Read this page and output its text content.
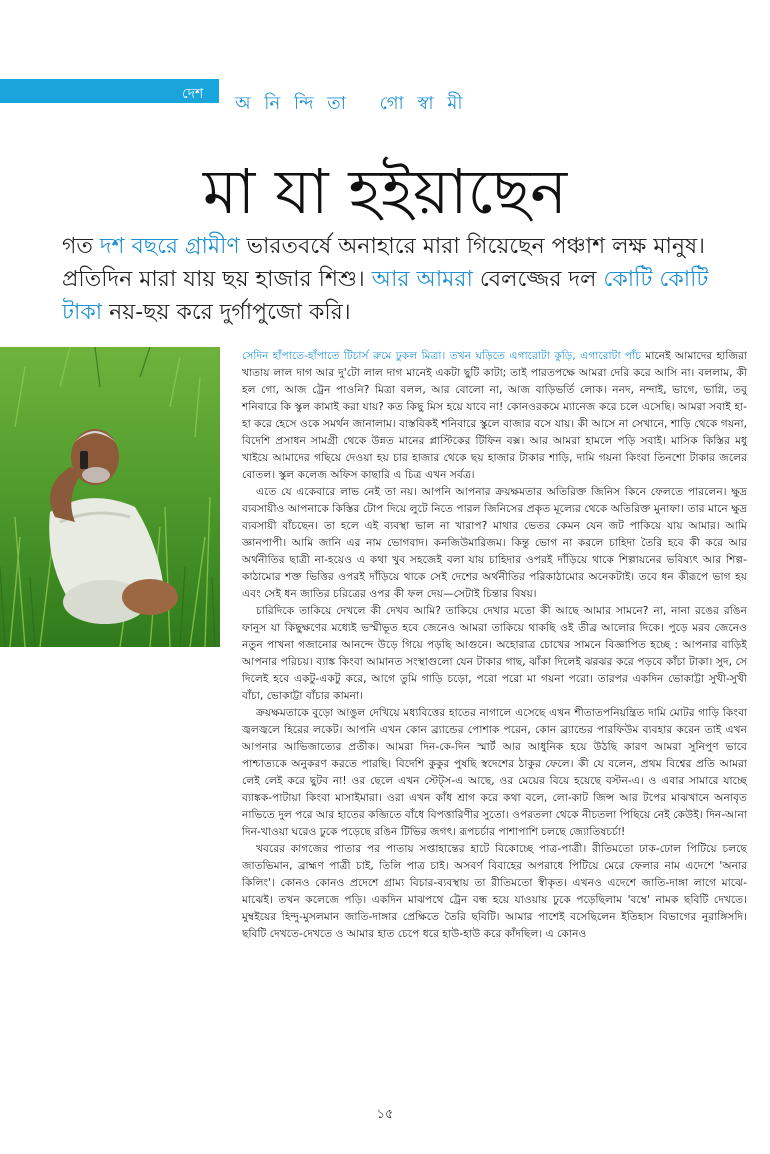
দেশ অ নি ন্দি তা গো স্বা মী
মা যা হইয়াছেন
গত দশ বছরে গ্রামীণ ভারতবর্ষে অনাহারে মারা গিয়েছেন পঞ্চাশ লক্ষ মানুষ। প্রতিদিন মারা যায় ছয় হাজার শিশু। আর আমরা বেলজ্জের দল কোটি কোটি টাকা নয়-ছয় করে দুর্গাপুজো করি।

সেদিন হাঁপাতে-হাঁপাতে টিচার্স রুমে ঢুকল মিত্রা। তখন ঘড়িতে এগারোটা কুড়ি, এগারোটা পাঁচ মানেই আমাদের হাজিরা খাতায় লাল দাগ আর দু'টো লাল দাগ মানেই একটা ছুটি কাটা; তাই পারতপক্ষে আমরা দেরি করে আসি না। বললাম, কী হল গো, আজ ট্রেন পাওনি? মিত্রা বলল, আর বোলো না, আজ বাড়িভর্তি লোক। ননদ, নন্দাই, ভাগে, ভাগ্নি, তবু শনিবারে কি স্কুল কামাই করা যায়? কত কিছু মিস হয়ে যাবে না! কোনওরকমে ম্যানেজ করে চলে এসেছি। আমরা সবাই হা-হা করে হেসে ওকে সমর্থন জানালাম। বাস্তবিকই শনিবারে স্কুলে বাজার বসে যায়। কী আসে না সেখানে, শাড়ি থেকে গয়না, বিদেশি প্রসাধন সামগ্রী থেকে উন্নত মানের প্লাস্টিকের টিফিন বক্স। আর আমরা হামলে পড়ি সবাই। মাসিক কিস্তির মধু খাইয়ে আমাদের গছিয়ে দেওয়া হয় চার হাজার থেকে ছয় হাজার টাকার শাড়ি, দামি গয়না কিংবা তিনশো টাকার জলের বোতল। স্কুল কলেজ অফিস কাছারি এ চিত্র এখন সর্বত্র।

এতে যে একেবারে লাভ নেই তা নয়। আপনি আপনার ক্রয়ক্ষমতার অতিরিক্ত জিনিস কিনে ফেলতে পারলেন। ক্ষুদ্র ব্যবসায়ীও আপনাকে কিস্তির টোপ দিয়ে লুটে নিতে পারল জিনিসের প্রকৃত মূল্যের থেকে অতিরিক্ত মুনাফা। তার মানে ক্ষুদ্র ব্যবসায়ী বাঁচছেন। তা হলে এই ব্যবস্থা ভাল না খারাপ? মাথার ভেতর কেমন যেন জট পাকিয়ে যায় আমার। আমি জ্ঞানপাপী। আমি জানি এর নাম ভোগবাদ। কনজিউমারিজম। কিন্তু ভোগ না করলে চাহিদা তৈরি হবে কী করে আর অর্থনীতির ছাত্রী না-হয়েও এ কথা খুব সহজেই বলা যায় চাহিদার ওপরই দাঁড়িয়ে থাকে শিল্পায়নের ভবিষ্যৎ আর শিল্প-কাঠামোর শক্ত ভিত্তির ওপরই দাঁড়িয়ে থাকে সেই দেশের অর্থনীতির পরিকাঠামোর অনেকটাই। তবে ধন কীরূপে ভাগ হয় এবং সেই ধন জাতির চরিত্রের ওপর কী ফল দেয়—সেটাই চিন্তার বিষয়।

চারিদিকে তাকিয়ে দেখলে কী দেখব আমি? তাকিয়ে দেখার মতো কী আছে আমার সামনে? না, নানা রঙের রঙিন ফানুস যা কিছুক্ষণের মধ্যেই ভস্মীভূত হবে জেনেও আমরা তাকিয়ে থাকছি ওই তীব্র আলোর দিকে। পুড়ে মরব জেনেও নতুন পাখনা গজানোর আনন্দে উড়ে গিয়ে পড়ছি আগুনে। অহোরাত্র চোখের সামনে বিজ্ঞাপিত হচ্ছে : আপনার বাড়িই আপনার পরিচয়। ব্যাঙ্ক কিংবা আমানত সংস্থাগুলো যেন টাকার গাছ, ঝাঁকা দিলেই ঝরঝর করে পড়বে কাঁচা টাকা। সুদ, সে দিলেই হবে একটু-একটু করে, আগে তুমি গাড়ি চড়ো, পরো পরো মা গয়না পরো। তারপর একদিন ভোকাট্টা সুখী-সুখী বাঁচা, ভোকাট্টা বাঁচার কামনা।

ক্রয়ক্ষমতাকে বুড়ো আঙুল দেখিয়ে মধ্যবিত্তের হাতের নাগালে এসেছে এখন শীতাতপনিয়ন্ত্রিত দামি মোটর গাড়ি কিংবা জ্বলজ্বলে হিরের লকেট। আপনি এখন কোন ব্র্যান্ডের পোশাক পরেন, কোন ব্র্যান্ডের পারফিউম ব্যবহার করেন তাই এখন আপনার আভিজাত্যের প্রতীক। আমরা দিন-কে-দিন স্মার্ট আর আধুনিক হয়ে উঠছি কারণ আমরা সুনিপুণ ভাবে পাশ্চাত্যকে অনুকরণ করতে পারছি। বিদেশি কুকুর পুষছি স্বদেশের ঠাকুর ফেলে। কী যে বলেন, প্রথম বিশ্বের প্রতি আমরা লেই লেই করে ছুটব না! ওর ছেলে এখন স্টেট্স-এ আছে, ওর মেয়ের বিয়ে হয়েছে বস্টন-এ। ও এবার সামারে যাচ্ছে ব্যাঙ্কক-পাটায়া কিংবা মাসাইমারা। ওরা এখন কাঁধ শ্রাগ করে কথা বলে, লো-কাট জিন্স আর টপের মাঝখানে অনাবৃত নাভিতে দুল পরে আর হাতের কব্জিতে বাঁধে বিপত্তারিণীর সুতো। ওপরতলা থেকে নীচতলা পিছিয়ে নেই কেউই। দিন-আনা দিন-খাওয়া ঘরেও ঢুকে পড়েছে রঙিন টিভির জগৎ। রূপচর্চার পাশাপাশি চলছে জ্যোতিষচর্চা!

খবরের কাগজের পাতার পর পাতায় সপ্তাহান্তের হাটে বিকোচ্ছে পাত্র-পাত্রী। রীতিমতো ঢাক-ঢোল পিটিয়ে চলছে জাতভিমান, ব্রাহ্মণ পাত্রী চাই, তিলি পাত্র চাই। অসবর্ণ বিবাহের অপরাধে পিটিয়ে মেরে ফেলার নাম এদেশে 'অনার কিলিং'। কোনও কোনও প্রদেশে গ্রাম্য বিচার-ব্যবস্থায় তা রীতিমতো স্বীকৃত। এখনও এদেশে জাতি-দাঙ্গা লাগে মাঝে-মাঝেই। তখন কলেজে পড়ি। একদিন মাঝপথে ট্রেন বন্ধ হয়ে যাওয়ায় ঢুকে পড়েছিলাম 'বম্বে' নামক ছবিটি দেখতে। মুম্বইয়ের হিন্দু-মুসলমান জাতি-দাঙ্গার প্রেক্ষিতে তৈরি ছবিটি। আমার পাশেই বসেছিলেন ইতিহাস বিভাগের নুরাঙ্গিসদি। ছবিটি দেখতে-দেখতে ও আমার হাত চেপে ধরে হাউ-হাউ করে কাঁদছিল। এ কোনও

১৫
